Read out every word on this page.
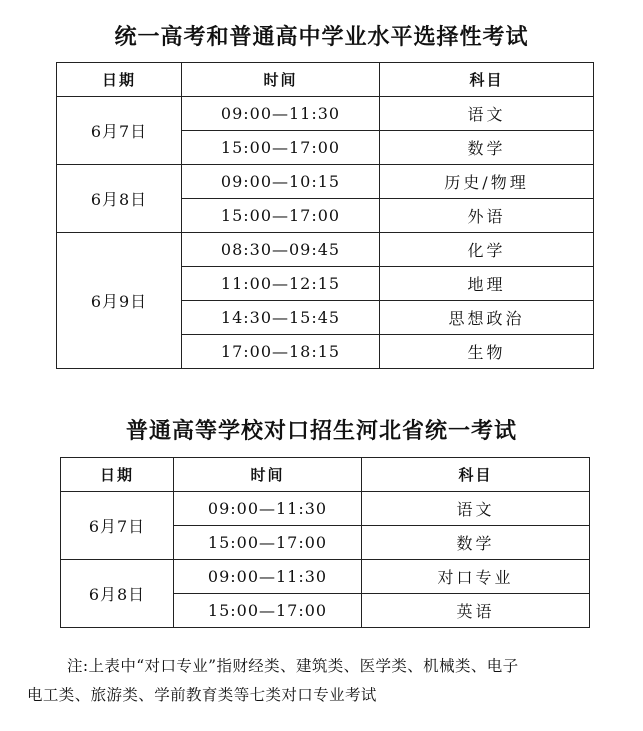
统一高考和普通高中学业水平选择性考试
日期	时间	科目
6月7日	09:00—11:30	语文
	15:00—17:00	数学
6月8日	09:00—10:15	历史/物理
	15:00—17:00	外语
6月9日	08:30—09:45	化学
	11:00—12:15	地理
	14:30—15:45	思想政治
	17:00—18:15	生物
普通高等学校对口招生河北省统一考试
日期	时间	科目
6月7日	09:00—11:30	语文
	15:00—17:00	数学
6月8日	09:00—11:30	对口专业
	15:00—17:00	英语

注:上表中“对口专业”指财经类、建筑类、医学类、机械类、电子

电工类、旅游类、学前教育类等七类对口专业考试
